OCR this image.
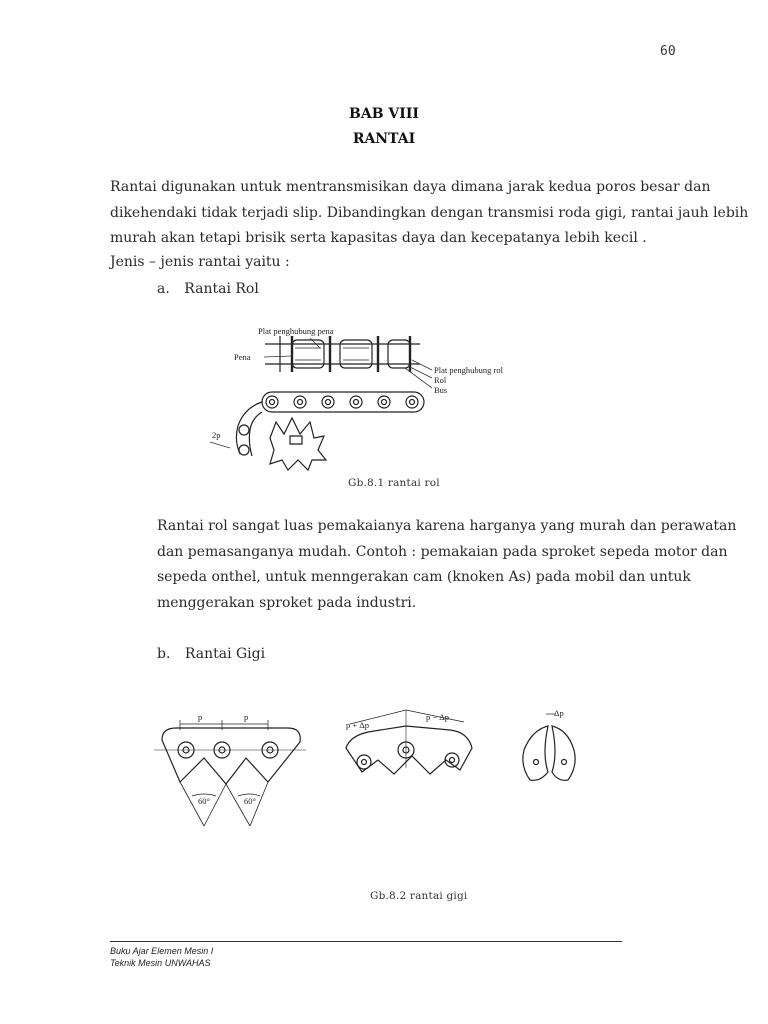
60
BAB VIII
RANTAI
Rantai digunakan untuk mentransmisikan daya dimana jarak kedua poros besar dan
dikehendaki tidak terjadi slip. Dibandingkan dengan transmisi roda gigi, rantai jauh lebih
murah akan tetapi brisik serta kapasitas daya dan kecepatanya lebih kecil .
Jenis – jenis rantai yaitu :
a. Rantai Rol
Plat penghubung pena
Pena
Plat penghubung rol
Rol
Bus
2p
Gb.8.1 rantai rol
Rantai rol sangat luas pemakaianya karena harganya yang murah dan perawatan
dan pemasanganya mudah. Contoh : pemakaian pada sproket sepeda motor dan
sepeda onthel, untuk menngerakan cam (knoken As) pada mobil dan untuk
menggerakan sproket pada industri.
b. Rantai Gigi
p	p
60°	60°
p + Δp
p − Δp	Δp
Gb.8.2 rantai gigi
Buku Ajar Elemen Mesin I
Teknik Mesin UNWAHAS
